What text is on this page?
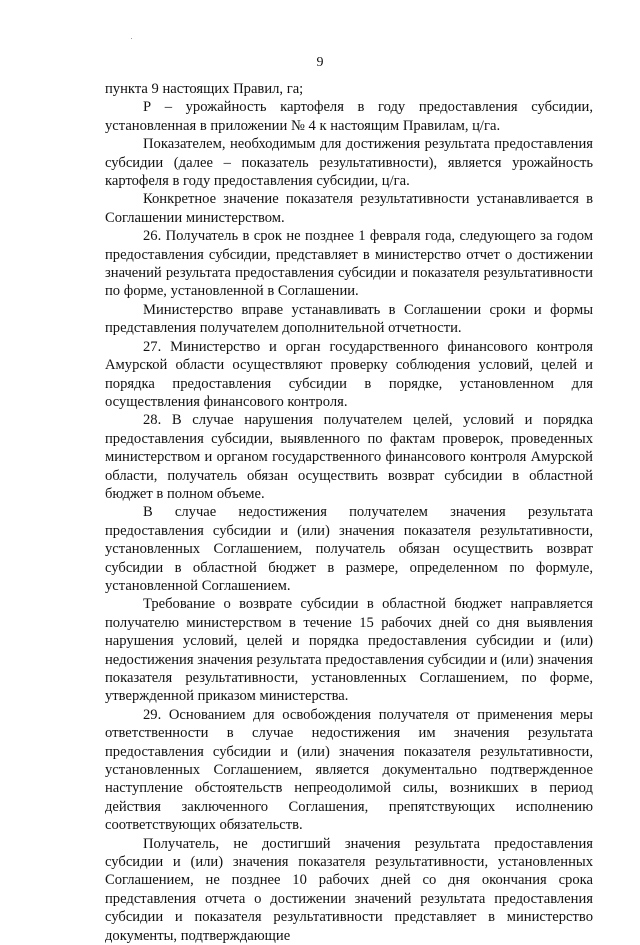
9

пункта 9 настоящих Правил, га;

Р – урожайность картофеля в году предоставления субсидии, установленная в приложении № 4 к настоящим Правилам, ц/га.

Показателем, необходимым для достижения результата предоставления субсидии (далее – показатель результативности), является урожайность картофеля в году предоставления субсидии, ц/га.

Конкретное значение показателя результативности устанавливается в Соглашении министерством.

26. Получатель в срок не позднее 1 февраля года, следующего за годом предоставления субсидии, представляет в министерство отчет о достижении значений результата предоставления субсидии и показателя результативности по форме, установленной в Соглашении.

Министерство вправе устанавливать в Соглашении сроки и формы представления получателем дополнительной отчетности.

27. Министерство и орган государственного финансового контроля Амурской области осуществляют проверку соблюдения условий, целей и порядка предоставления субсидии в порядке, установленном для осуществления финансового контроля.

28. В случае нарушения получателем целей, условий и порядка предоставления субсидии, выявленного по фактам проверок, проведенных министерством и органом государственного финансового контроля Амурской области, получатель обязан осуществить возврат субсидии в областной бюджет в полном объеме.

В случае недостижения получателем значения результата предоставления субсидии и (или) значения показателя результативности, установленных Соглашением, получатель обязан осуществить возврат субсидии в областной бюджет в размере, определенном по формуле, установленной Соглашением.

Требование о возврате субсидии в областной бюджет направляется получателю министерством в течение 15 рабочих дней со дня выявления нарушения условий, целей и порядка предоставления субсидии и (или) недостижения значения результата предоставления субсидии и (или) значения показателя результативности, установленных Соглашением, по форме, утвержденной приказом министерства.

29. Основанием для освобождения получателя от применения меры ответственности в случае недостижения им значения результата предоставления субсидии и (или) значения показателя результативности, установленных Соглашением, является документально подтвержденное наступление обстоятельств непреодолимой силы, возникших в период действия заключенного Соглашения, препятствующих исполнению соответствующих обязательств.

Получатель, не достигший значения результата предоставления субсидии и (или) значения показателя результативности, установленных Соглашением, не позднее 10 рабочих дней со дня окончания срока представления отчета о достижении значений результата предоставления субсидии и показателя результативности представляет в министерство документы, подтверждающие
